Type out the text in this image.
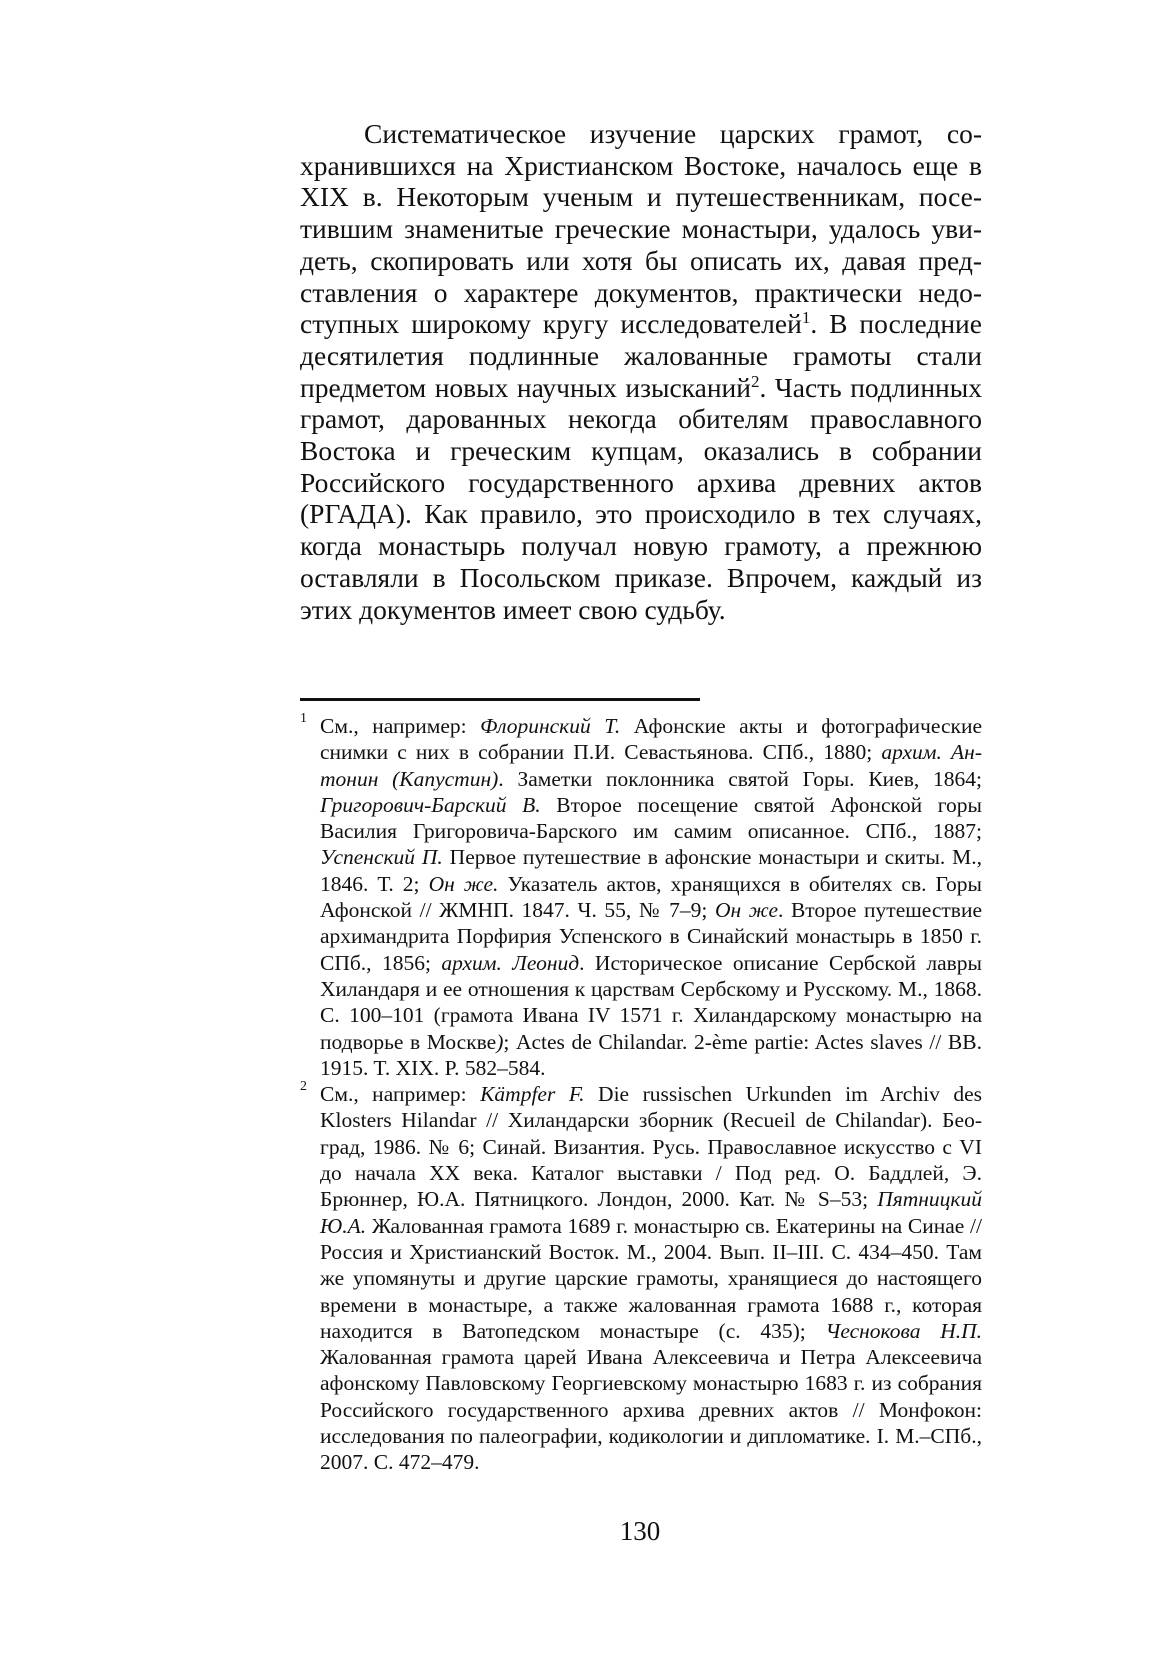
Систематическое изучение царских грамот, сохранившихся на Христианском Востоке, началось еще в XIX в. Некоторым ученым и путешественникам, посетившим знаменитые греческие монастыри, удалось увидеть, скопировать или хотя бы описать их, давая представления о характере документов, практически недоступных широкому кругу исследователей$^1$. В последние десятилетия подлинные жалованные грамоты стали предметом новых научных изысканий$^2$. Часть подлинных грамот, дарованных некогда обителям православного Востока и греческим купцам, оказались в собрании Российского государственного архива древних актов (РГАДА). Как правило, это происходило в тех случаях, когда монастырь получал новую грамоту, а прежнюю оставляли в Посольском приказе. Впрочем, каждый из этих документов имеет свою судьбу.

1 См., например: Флоринский Т. Афонские акты и фотографические снимки с них в собрании П.И. Севастьянова. СПб., 1880; архим. Антонин (Капустин). Заметки поклонника святой Горы. Киев, 1864; Григорович-Барский В. Второе посещение святой Афонской горы Василия Григоровича-Барского им самим описанное. СПб., 1887; Успенский П. Первое путешествие в афонские монастыри и скиты. М., 1846. Т. 2; Он же. Указатель актов, хранящихся в обителях св. Горы Афонской // ЖМНП. 1847. Ч. 55, № 7–9; Он же. Второе путешествие архимандрита Порфирия Успенского в Синайский монастырь в 1850 г. СПб., 1856; архим. Леонид. Историческое описание Сербской лавры Хиландаря и ее отношения к царствам Сербскому и Русскому. М., 1868. С. 100–101 (грамота Ивана IV 1571 г. Хиландарскому монастырю на подворье в Москве); Actes de Chilandar. 2-ème partie: Actes slaves // BB. 1915. T. XIX. P. 582–584.

2 См., например: Kämpfer F. Die russischen Urkunden im Archiv des Klosters Hilandar // Хиландарски зборник (Recueil de Chilandar). Београд, 1986. № 6; Синай. Византия. Русь. Православное искусство с VI до начала XX века. Каталог выставки / Под ред. О. Баддлей, Э. Брюннер, Ю.А. Пятницкого. Лондон, 2000. Кат. № S–53; Пятницкий Ю.А. Жалованная грамота 1689 г. монастырю св. Екатерины на Синае // Россия и Христианский Восток. М., 2004. Вып. II–III. С. 434–450. Там же упомянуты и другие царские грамоты, хранящиеся до настоящего времени в монастыре, а также жалованная грамота 1688 г., которая находится в Ватопедском монастыре (с. 435); Чеснокова Н.П. Жалованная грамота царей Ивана Алексеевича и Петра Алексеевича афонскому Павловскому Георгиевскому монастырю 1683 г. из собрания Российского государственного архива древних актов // Монфокон: исследования по палеографии, кодикологии и дипломатике. I. М.–СПб., 2007. С. 472–479.

130
